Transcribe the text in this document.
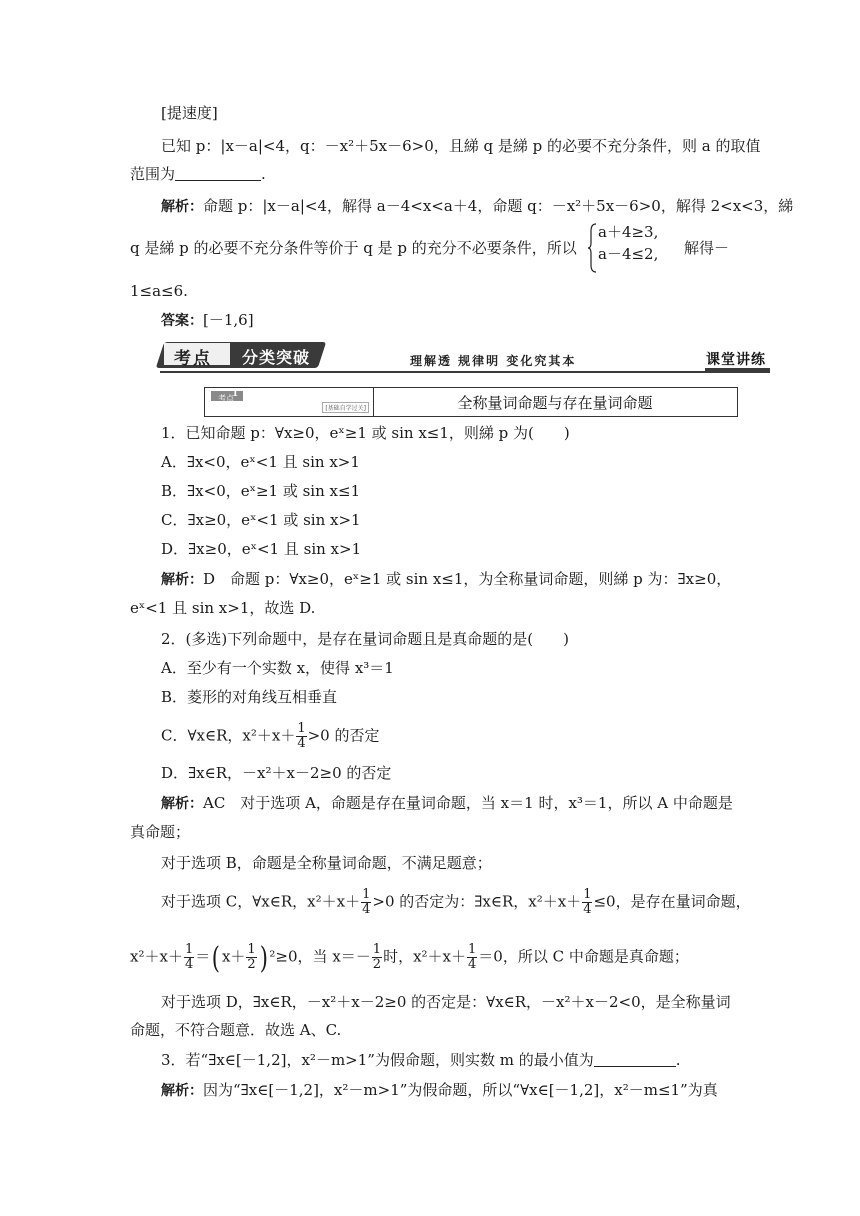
[提速度]
已知 p：|x－a|<4，q：－x²＋5x－6>0，且綈 q 是綈 p 的必要不充分条件，则 a 的取值
范围为	.
解析：命题 p：|x－a|<4，解得 a－4<x<a＋4，命题 q：－x²＋5x－6>0，解得 2<x<3，綈
q 是綈 p 的必要不充分条件等价于 q 是 p 的充分不必要条件，所以
a＋4≥3,
a－4≤2, 解得－
1≤a≤6.
答案：[－1,6]
考点 分类突破	理解透 规律明 变化究其本	课堂讲练
考点
1
[基础自学过关]	全称量词命题与存在量词命题
1．已知命题 p：∀x≥0，eˣ≥1 或 sin x≤1，则綈 p 为(　　)
A．∃x<0，eˣ<1 且 sin x>1
B．∃x<0，eˣ≥1 或 sin x≤1
C．∃x≥0，eˣ<1 或 sin x>1
D．∃x≥0，eˣ<1 且 sin x>1
解析：D　命题 p：∀x≥0，eˣ≥1 或 sin x≤1，为全称量词命题，则綈 p 为：∃x≥0，
eˣ<1 且 sin x>1，故选 D.
2．(多选)下列命题中，是存在量词命题且是真命题的是(　　)
A．至少有一个实数 x，使得 x³＝1
B．菱形的对角线互相垂直
C．∀x∈R，$x^2+x+ \frac{1}{4} >0$ 的否定
D．∃x∈R，－x²＋x－2≥0 的否定
解析：AC　对于选项 A，命题是存在量词命题，当 x＝1 时，x³＝1，所以 A 中命题是
真命题；
对于选项 B，命题是全称量词命题，不满足题意；
对于选项 C，∀x∈R，$x^2+x+ \frac{1}{4} >0$ 的否定为：∃x∈R，$x^2+x+ \frac{1}{4} \le 0$，是存在量词命题，
$x^2+x+ \frac{1}{4}$ ＝( $x+ \frac{1}{2}$ ) ²≥0，当 $x=- \frac{1}{2}$ 时，$x^2+x+ \frac{1}{4} =0$，所以 C 中命题是真命题；
对于选项 D，∃x∈R，－x²＋x－2≥0 的否定是：∀x∈R，－x²＋x－2<0，是全称量词
命题，不符合题意．故选 A、C.
3．若“∃x∈[－1,2]，x²－m>1”为假命题，则实数 m 的最小值为	.
解析：因为“∃x∈[－1,2]，x²－m>1”为假命题，所以“∀x∈[－1,2]，x²－m≤1”为真
